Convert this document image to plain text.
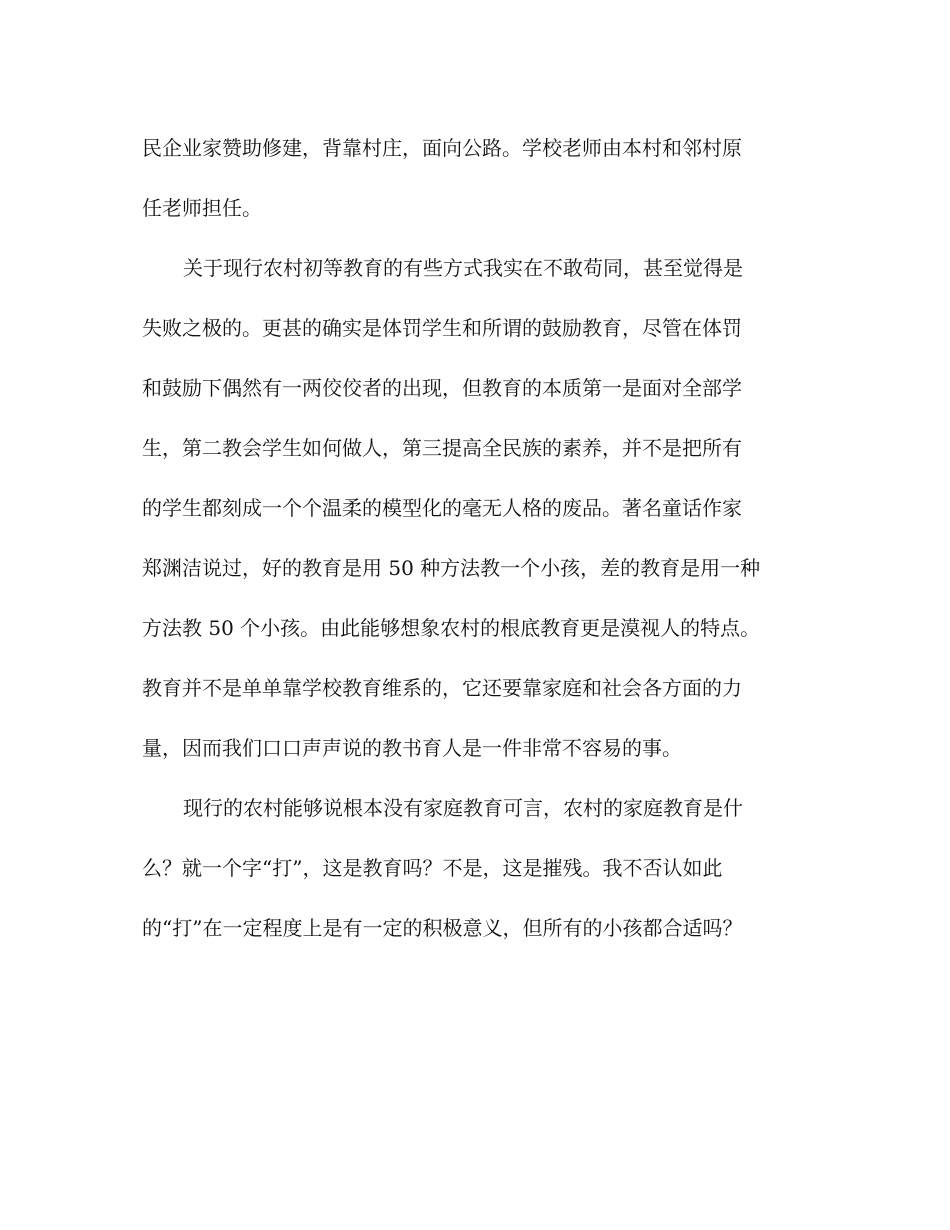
民企业家赞助修建，背靠村庄，面向公路。学校老师由本村和邻村原
任老师担任。
关于现行农村初等教育的有些方式我实在不敢苟同，甚至觉得是
失败之极的。更甚的确实是体罚学生和所谓的鼓励教育，尽管在体罚
和鼓励下偶然有一两佼佼者的出现，但教育的本质第一是面对全部学
生，第二教会学生如何做人，第三提高全民族的素养，并不是把所有
的学生都刻成一个个温柔的模型化的毫无人格的废品。著名童话作家
郑渊洁说过，好的教育是用 50 种方法教一个小孩，差的教育是用一种
方法教 50 个小孩。由此能够想象农村的根底教育更是漠视人的特点。
教育并不是单单靠学校教育维系的，它还要靠家庭和社会各方面的力
量，因而我们口口声声说的教书育人是一件非常不容易的事。
现行的农村能够说根本没有家庭教育可言，农村的家庭教育是什
么？就一个字“打”，这是教育吗？不是，这是摧残。我不否认如此
的“打”在一定程度上是有一定的积极意义，但所有的小孩都合适吗？
